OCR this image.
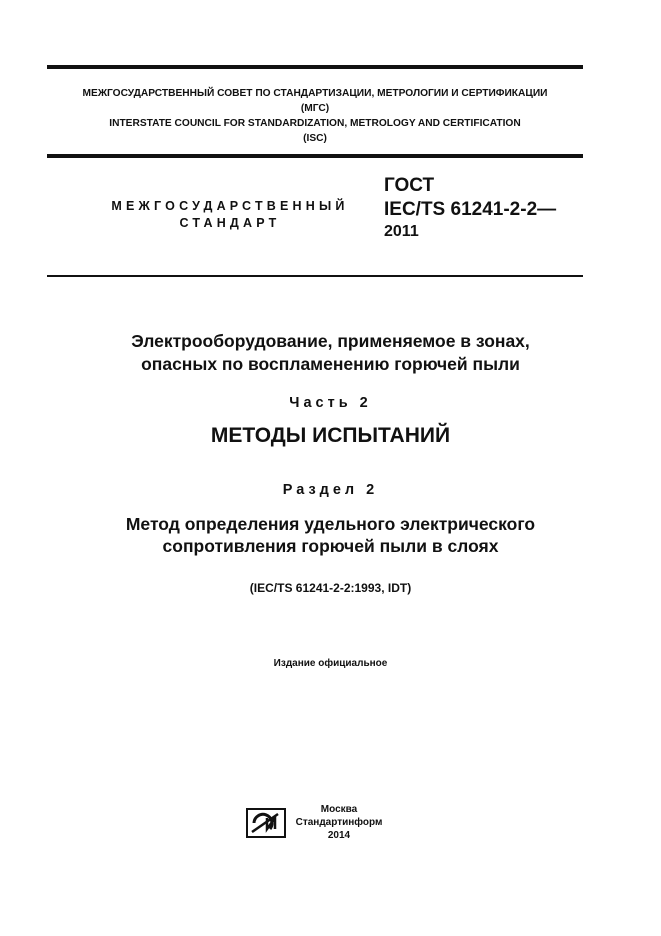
МЕЖГОСУДАРСТВЕННЫЙ СОВЕТ ПО СТАНДАРТИЗАЦИИ, МЕТРОЛОГИИ И СЕРТИФИКАЦИИ
(МГС)
INTERSTATE COUNCIL FOR STANDARDIZATION, METROLOGY AND CERTIFICATION
(ISC)
МЕЖГОСУДАРСТВЕННЫЙ
СТАНДАРТ
ГОСТ
IEC/TS 61241-2-2—
2011
Электрооборудование, применяемое в зонах,
опасных по воспламенению горючей пыли
Часть 2
МЕТОДЫ ИСПЫТАНИЙ
Раздел 2
Метод определения удельного электрического
сопротивления горючей пыли в слоях
(IEC/TS 61241-2-2:1993, IDT)
Издание официальное
Москва
Стандартинформ
2014
